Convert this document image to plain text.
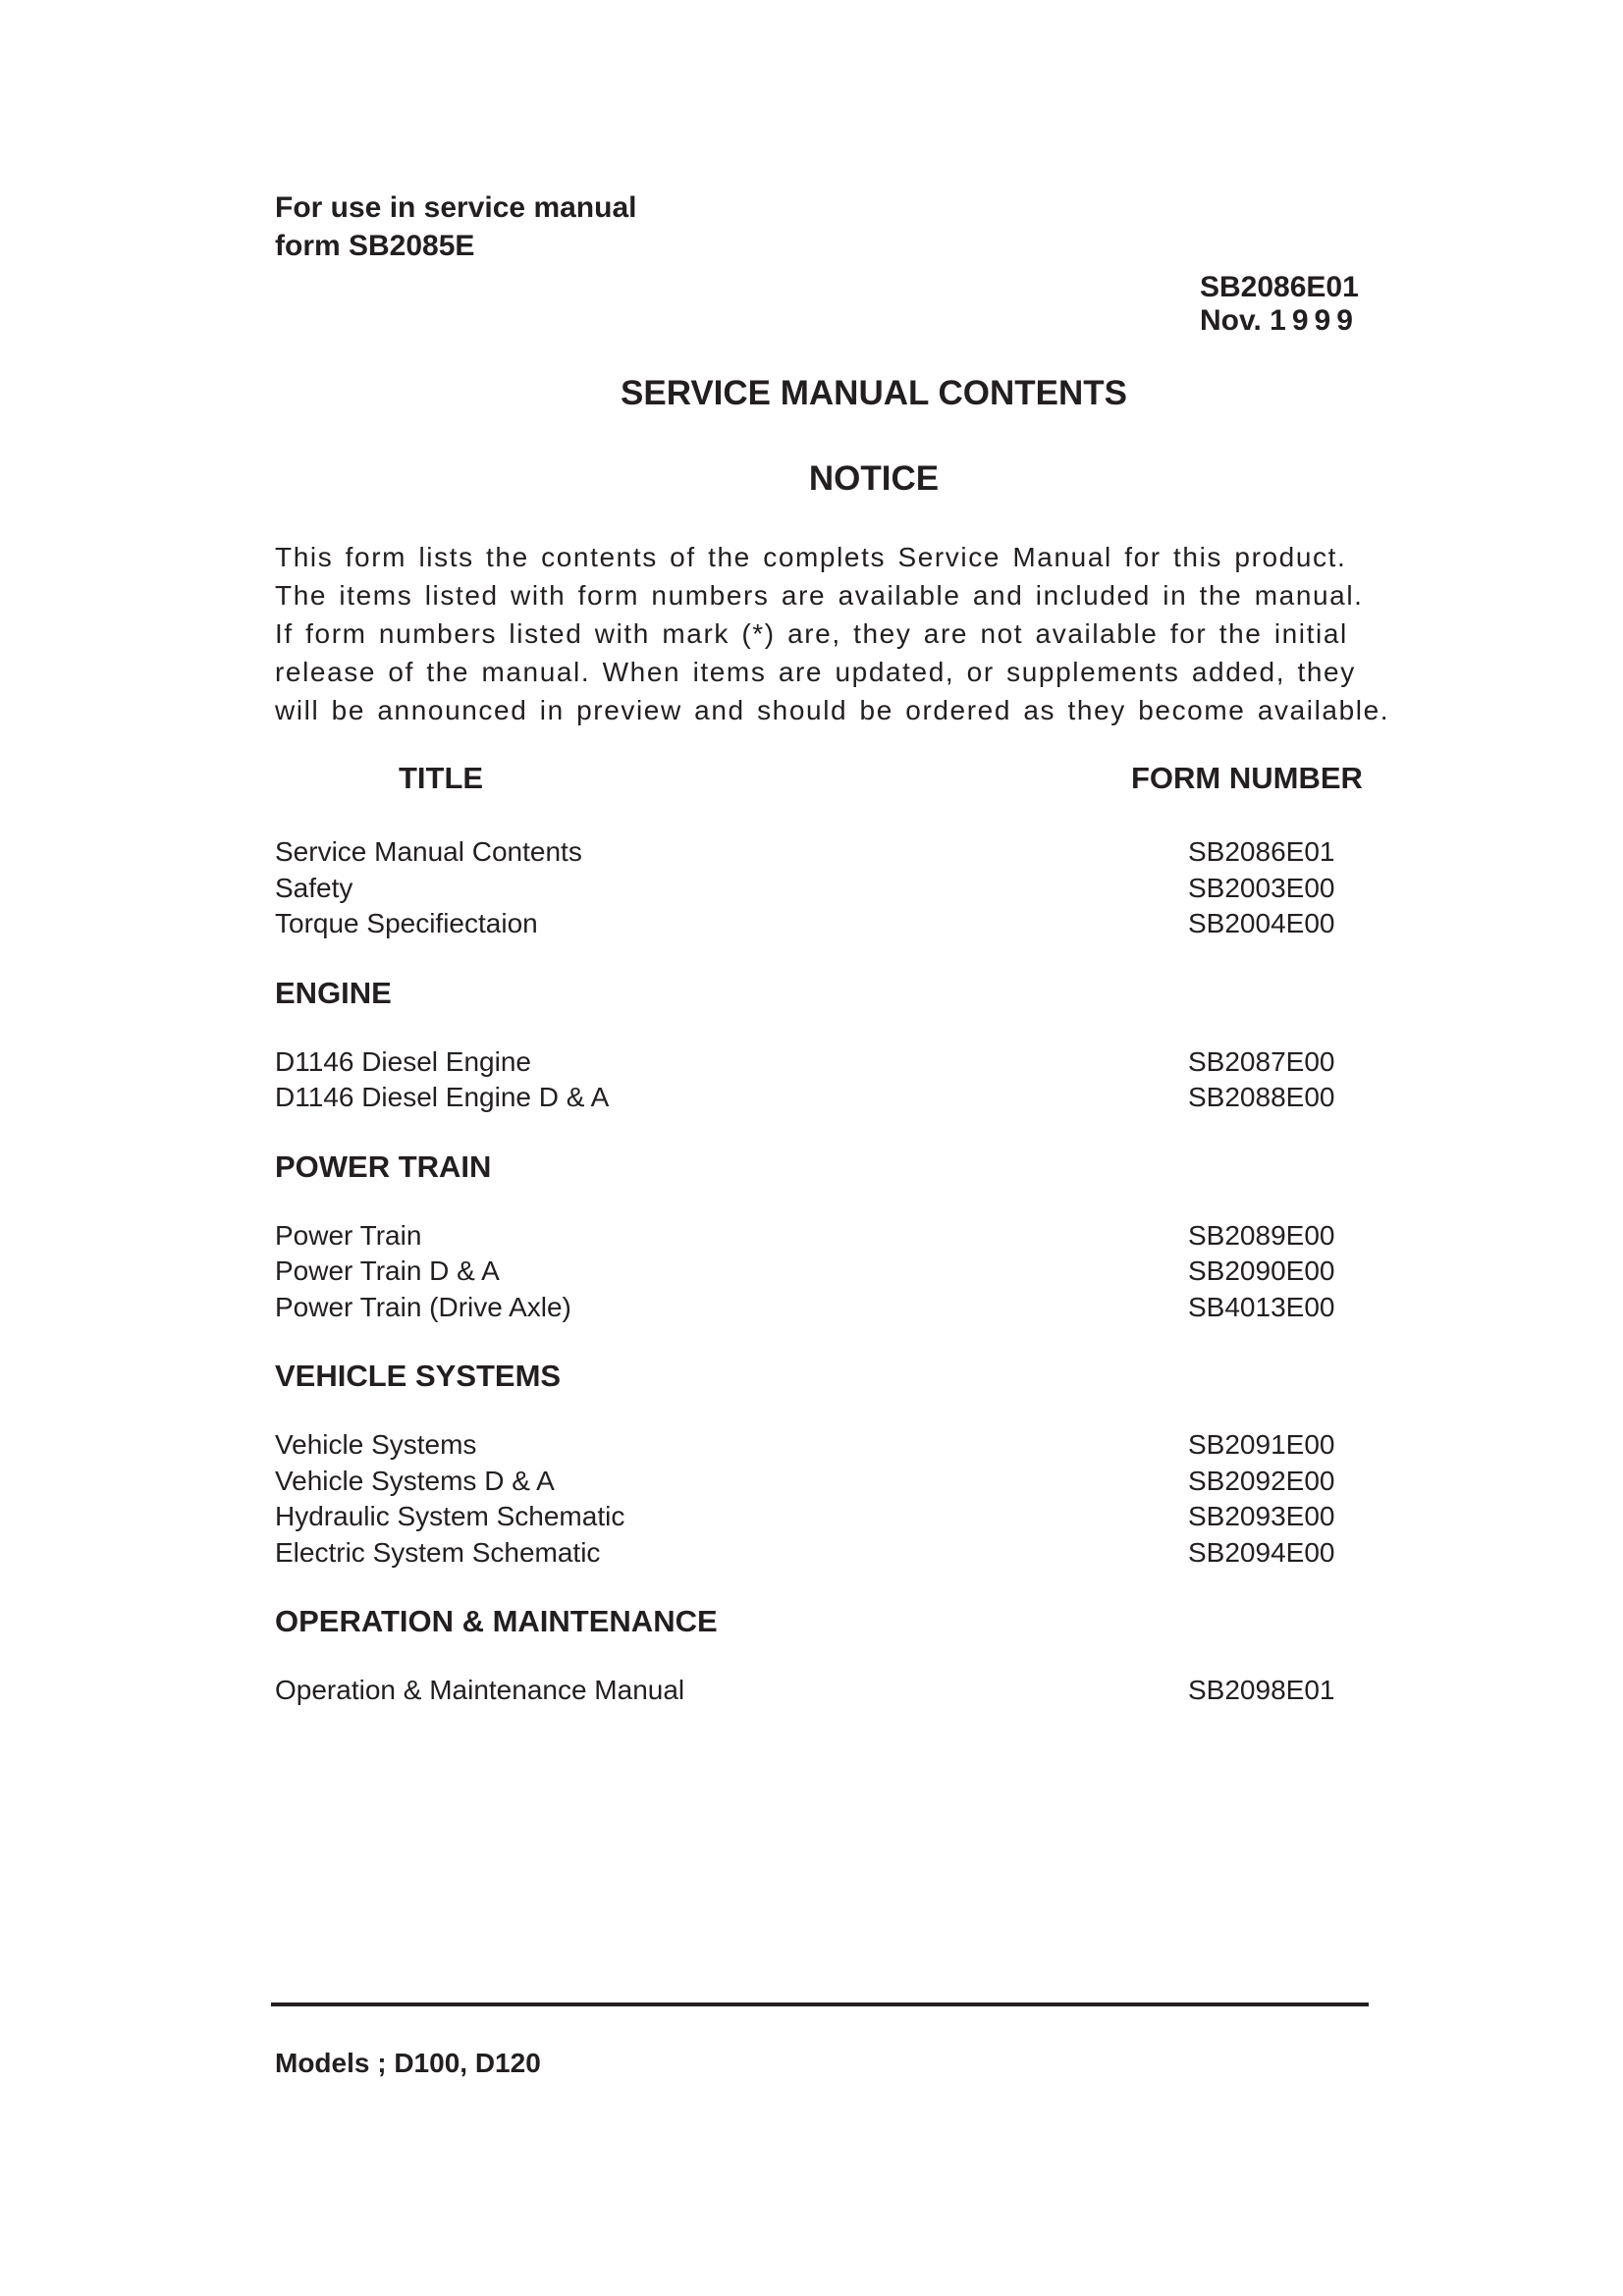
For use in service manual
form SB2085E
SB2086E01
Nov. 1999
SERVICE MANUAL CONTENTS
NOTICE

This form lists the contents of the complets Service Manual for this product.

The items listed with form numbers are available and included in the manual.

If form numbers listed with mark (*) are, they are not available for the initial

release of the manual. When items are updated, or supplements added, they

will be announced in preview and should be ordered as they become available.

TITLE	FORM NUMBER
Service Manual Contents	SB2086E01
Safety	SB2003E00
Torque Specifiectaion	SB2004E00
ENGINE
D1146 Diesel Engine	SB2087E00
D1146 Diesel Engine D & A	SB2088E00
POWER TRAIN
Power Train	SB2089E00
Power Train D & A	SB2090E00
Power Train (Drive Axle)	SB4013E00
VEHICLE SYSTEMS
Vehicle Systems	SB2091E00
Vehicle Systems D & A	SB2092E00
Hydraulic System Schematic	SB2093E00
Electric System Schematic	SB2094E00
OPERATION & MAINTENANCE
Operation & Maintenance Manual	SB2098E01
Models ; D100, D120
